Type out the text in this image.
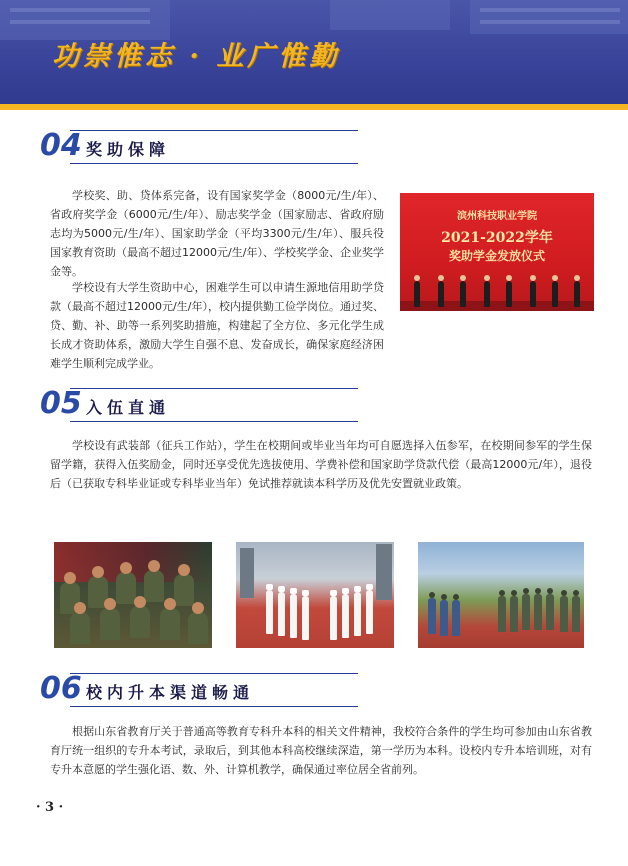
功崇惟志 · 业广惟勤
04 奖助保障
学校奖、助、贷体系完备，设有国家奖学金（8000元/生/年）、省政府奖学金（6000元/生/年）、励志奖学金（国家励志、省政府励志均为5000元/生/年）、国家助学金（平均3300元/生/年）、服兵役国家教育资助（最高不超过12000元/生/年）、学校奖学金、企业奖学金等。
学校设有大学生资助中心，困难学生可以申请生源地信用助学贷款（最高不超过12000元/生/年），校内提供勤工俭学岗位。通过奖、贷、勤、补、助等一系列奖助措施，构建起了全方位、多元化学生成长成才资助体系，激励大学生自强不息、发奋成长，确保家庭经济困难学生顺利完成学业。
滨州科技职业学院
2021-2022学年
奖助学金发放仪式
05 入伍直通
学校设有武装部（征兵工作站），学生在校期间或毕业当年均可自愿选择入伍参军，在校期间参军的学生保留学籍，获得入伍奖励金，同时还享受优先选拔使用、学费补偿和国家助学贷款代偿（最高12000元/年），退役后（已获取专科毕业证或专科毕业当年）免试推荐就读本科学历及优先安置就业政策。
06 校内升本渠道畅通
根据山东省教育厅关于普通高等教育专科升本科的相关文件精神，我校符合条件的学生均可参加由山东省教育厅统一组织的专升本考试，录取后，到其他本科高校继续深造，第一学历为本科。设校内专升本培训班，对有专升本意愿的学生强化语、数、外、计算机教学，确保通过率位居全省前列。
· 3 ·
